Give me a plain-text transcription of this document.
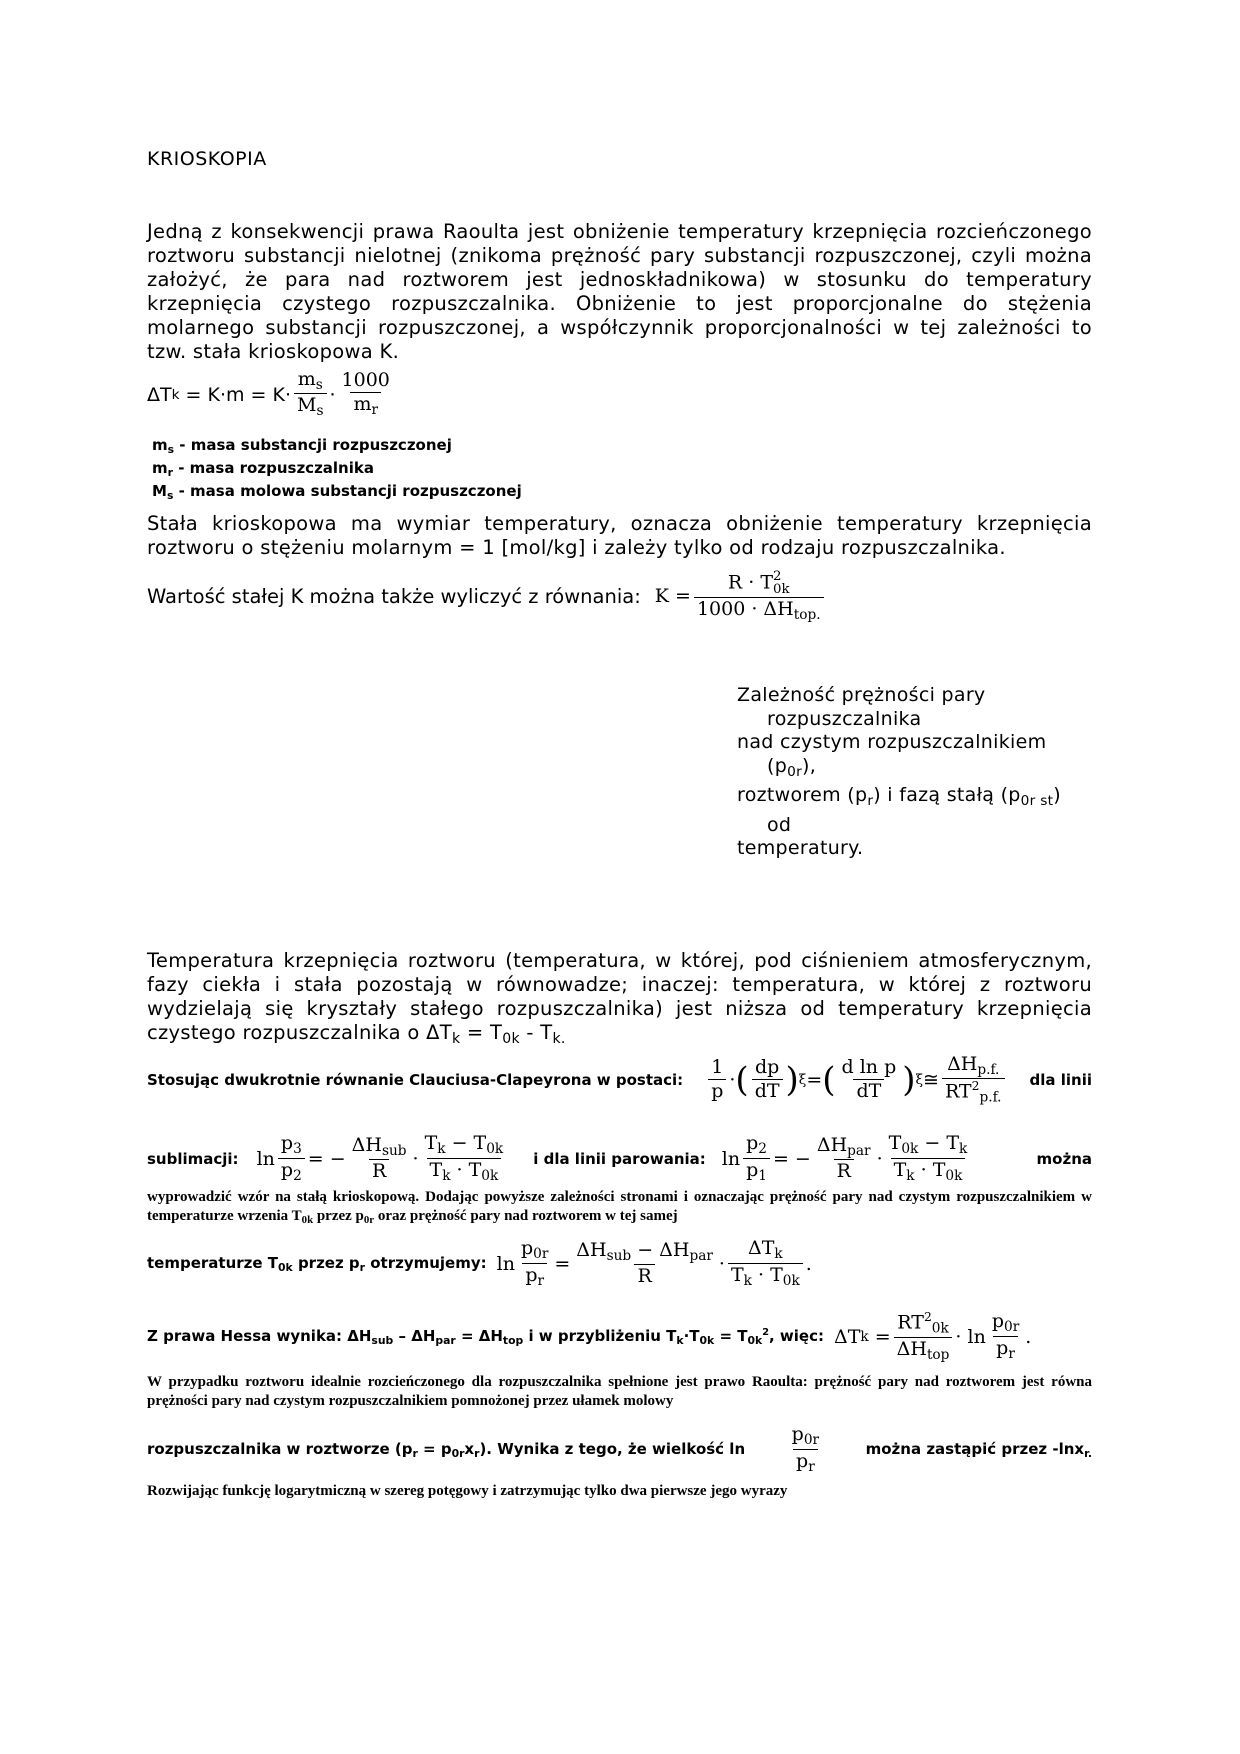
KRIOSKOPIA
Jedną z konsekwencji prawa Raoulta jest obniżenie temperatury krzepnięcia rozcieńczonego roztworu substancji nielotnej (znikoma prężność pary substancji rozpuszczonej, czyli można założyć, że para nad roztworem jest jednoskładnikowa) w stosunku do temperatury krzepnięcia czystego rozpuszczalnika. Obniżenie to jest proporcjonalne do stężenia molarnego substancji rozpuszczonej, a współczynnik proporcjonalności w tej zależności to tzw. stała krioskopowa K.
ΔT $k = K\cdot m = K\cdot \frac{m_s}{M_s} \cdot \frac{1000}{m_r}$
$m_s$ - masa substancji rozpuszczonej
$m_r$ - masa rozpuszczalnika
$M_s$ - masa molowa substancji rozpuszczonej
Stała krioskopowa ma wymiar temperatury, oznacza obniżenie temperatury krzepnięcia roztworu o stężeniu molarnym = 1 [mol/kg] i zależy tylko od rodzaju rozpuszczalnika.
Wartość stałej K można także wyliczyć z równania: K = R · T 2
0k
$1000 \cdot \Delta H_{top.}$
Zależność prężności pary
rozpuszczalnika
nad czystym rozpuszczalnikiem
$(p_{0r})$,
roztworem $(p_r)$ i fazą stałą $(p_{0r st})$
od
temperatury.
Temperatura krzepnięcia roztworu (temperatura, w której, pod ciśnieniem atmosferycznym, fazy ciekła i stała pozostają w równowadze; inaczej: temperatura, w której z roztworu wydzielają się kryształy stałego rozpuszczalnika) jest niższa od temperatury krzepnięcia czystego rozpuszczalnika o $\Delta T_k = T_{0k} - T_{k.}$
Stosując dwukrotnie równanie Clauciusa-Clapeyrona w postaci: $\frac{1}{p}$ · ( $\frac{dp}{dT}$ ) ξ = ( $\frac{\text{d ln p}}{dT}$ ) ξ ≅ $\frac{\Delta H_{p.f.}}{RT^2_{p.f.}}$ dla linii
sublimacji: $\ln \frac{p_3}{p_2}$ = − $\frac{\Delta H_{sub}}{R} \cdot \frac{T_k - T_{0k}}{T_k \cdot T_{0k}}$ i dla linii parowania: $\ln \frac{p_2}{p_1}$ = − $\frac{\Delta H_{par}}{R} \cdot \frac{T_{0k} - T_k}{T_k \cdot T_{0k}}$	można
wyprowadzić wzór na stałą krioskopową. Dodając powyższe zależności stronami i oznaczając prężność pary nad czystym rozpuszczalnikiem w temperaturze wrzenia $T_{0k}$ przez $p_{0r}$ oraz prężność pary nad roztworem w tej samej
temperaturze $T_{0k}$ przez $p_r$ otrzymujemy: $\ln \frac{p_{0r}}{p_r} = \frac{\Delta H_{sub} - \Delta H_{par}}{R} \cdot \frac{\Delta T_k}{T_k \cdot T_{0k}}$ .
Z prawa Hessa wynika: $\Delta H_{sub} - \Delta H_{par} = \Delta H_{top}$ i w przybliżeniu $T_k\cdot T_{0k} = T_{0k}^2$, więc: ΔT $k = \frac{RT^2_{0k}}{\Delta H_{top}} \cdot \ln \frac{p_{0r}}{p_r}$ .
W przypadku roztworu idealnie rozcieńczonego dla rozpuszczalnika spełnione jest prawo Raoulta: prężność pary nad roztworem jest równa prężności pary nad czystym rozpuszczalnikiem pomnożonej przez ułamek molowy
rozpuszczalnika w roztworze $(p_r = p_{0r}x_r)$. Wynika z tego, że wielkość $\ln \frac{p_{0r}}{p_r}$	można zastąpić przez -lnx$_{r.}$
Rozwijając funkcję logarytmiczną w szereg potęgowy i zatrzymując tylko dwa pierwsze jego wyrazy
